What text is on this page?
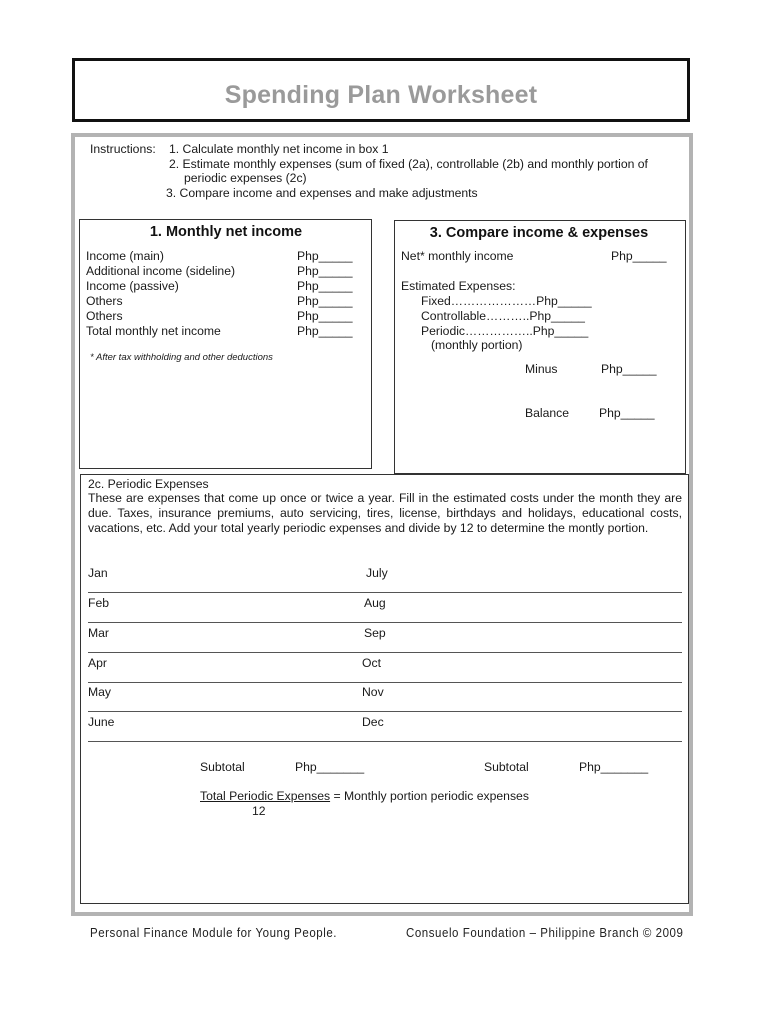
Spending Plan Worksheet
Instructions: 1. Calculate monthly net income in box 1
2. Estimate monthly expenses (sum of fixed (2a), controllable (2b) and monthly portion of
periodic expenses (2c)
3. Compare income and expenses and make adjustments
1. Monthly net income
Income (main)	Php_____
Additional income (sideline)	Php_____
Income (passive)	Php_____
Others	Php_____
Others	Php_____
Total monthly net income	Php_____
* After tax withholding and other deductions
3. Compare income & expenses
Net* monthly income	Php_____
Estimated Expenses:
Fixed…………………Php_____
Controllable………..Php_____
Periodic……………..Php_____
(monthly portion)
Minus	Php_____
Balance Php_____
2c. Periodic Expenses
These are expenses that come up once or twice a year. Fill in the estimated costs under the month they are due. Taxes, insurance premiums, auto servicing, tires, license, birthdays and holidays, educational costs, vacations, etc. Add your total yearly periodic expenses and divide by 12 to determine the montly portion.
Jan	July
Feb	Aug
Mar	Sep
Apr	Oct
May	Nov
June	Dec
Subtotal	Php_______	Subtotal	Php_______
Total Periodic Expenses = Monthly portion periodic expenses
12
Personal Finance Module for Young People.	Consuelo Foundation – Philippine Branch © 2009
